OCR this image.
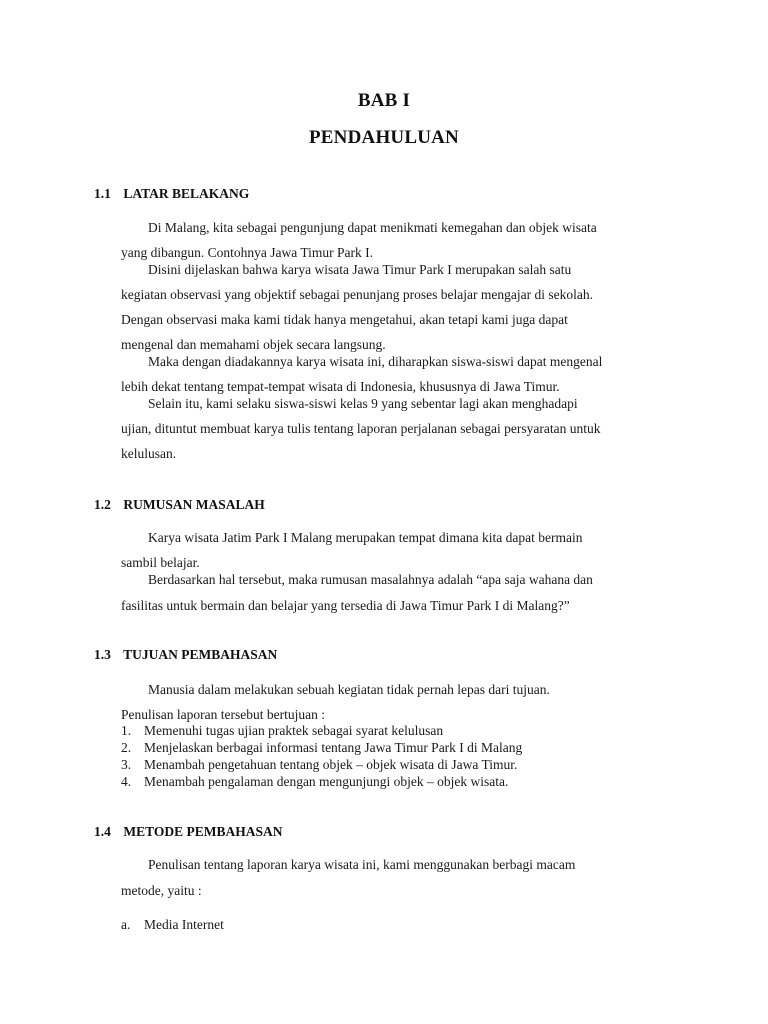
BAB I
PENDAHULUAN
1.1 LATAR BELAKANG
Di Malang, kita sebagai pengunjung dapat menikmati kemegahan dan objek wisata
yang dibangun. Contohnya Jawa Timur Park I.
Disini dijelaskan bahwa karya wisata Jawa Timur Park I merupakan salah satu
kegiatan observasi yang objektif sebagai penunjang proses belajar mengajar di sekolah.
Dengan observasi maka kami tidak hanya mengetahui, akan tetapi kami juga dapat
mengenal dan memahami objek secara langsung.
Maka dengan diadakannya karya wisata ini, diharapkan siswa-siswi dapat mengenal
lebih dekat tentang tempat-tempat wisata di Indonesia, khususnya di Jawa Timur.
Selain itu, kami selaku siswa-siswi kelas 9 yang sebentar lagi akan menghadapi
ujian, dituntut membuat karya tulis tentang laporan perjalanan sebagai persyaratan untuk
kelulusan.
1.2 RUMUSAN MASALAH
Karya wisata Jatim Park I Malang merupakan tempat dimana kita dapat bermain
sambil belajar.
Berdasarkan hal tersebut, maka rumusan masalahnya adalah “apa saja wahana dan
fasilitas untuk bermain dan belajar yang tersedia di Jawa Timur Park I di Malang?”
1.3 TUJUAN PEMBAHASAN
Manusia dalam melakukan sebuah kegiatan tidak pernah lepas dari tujuan.
Penulisan laporan tersebut bertujuan :
1. Memenuhi tugas ujian praktek sebagai syarat kelulusan
2. Menjelaskan berbagai informasi tentang Jawa Timur Park I di Malang
3. Menambah pengetahuan tentang objek – objek wisata di Jawa Timur.
4. Menambah pengalaman dengan mengunjungi objek – objek wisata.
1.4 METODE PEMBAHASAN
Penulisan tentang laporan karya wisata ini, kami menggunakan berbagi macam
metode, yaitu :
a. Media Internet
